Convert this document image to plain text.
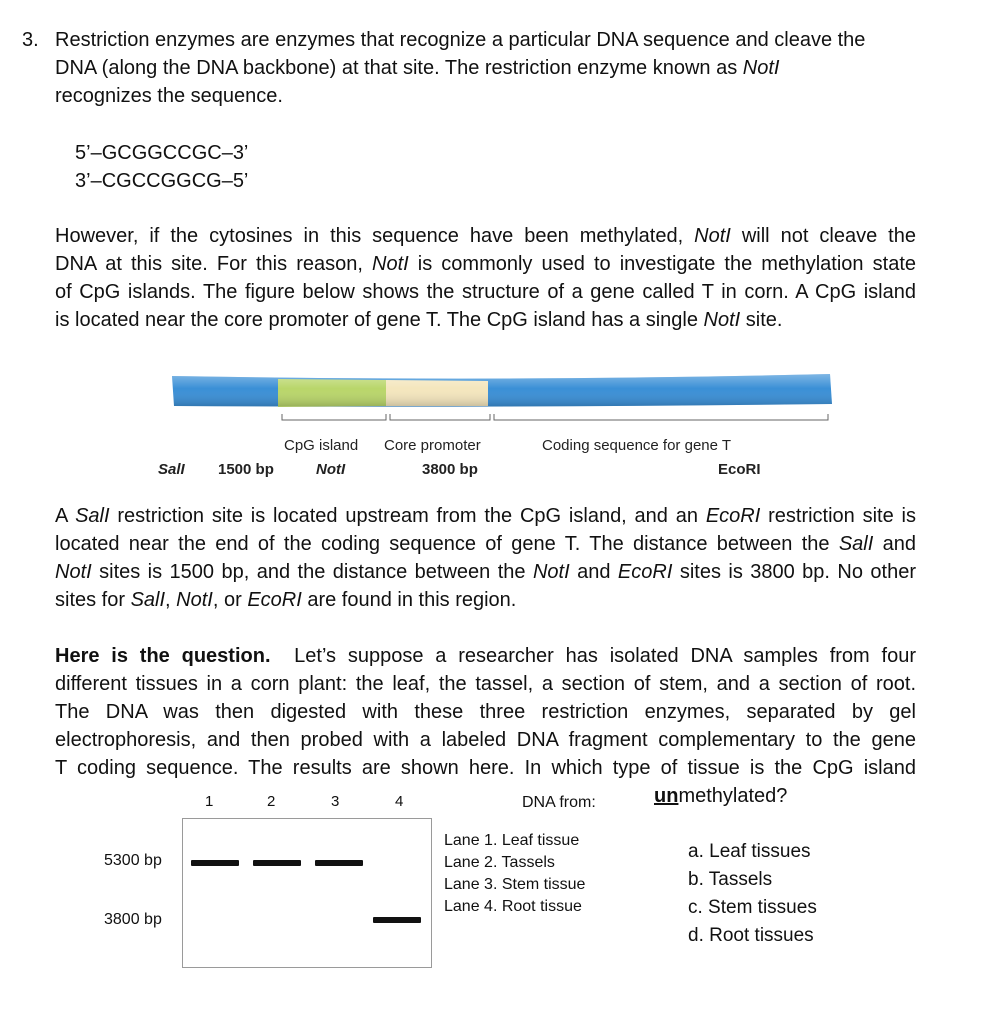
3. Restriction enzymes are enzymes that recognize a particular DNA sequence and cleave the
DNA (along the DNA backbone) at that site. The restriction enzyme known as NotI
recognizes the sequence.
5’–GCGGCCGC–3’
3’–CGCCGGCG–5’
However, if the cytosines in this sequence have been methylated, NotI will not cleave the
DNA at this site. For this reason, NotI is commonly used to investigate the methylation state
of CpG islands. The figure below shows the structure of a gene called T in corn. A CpG island
is located near the core promoter of gene T. The CpG island has a single NotI site.
CpG island Core promoter	Coding sequence for gene T
SalI 1500 bp	NotI	3800 bp	EcoRI
A SalI restriction site is located upstream from the CpG island, and an EcoRI restriction site is
located near the end of the coding sequence of gene T. The distance between the SalI and
NotI sites is 1500 bp, and the distance between the NotI and EcoRI sites is 3800 bp. No other
sites for SalI, NotI, or EcoRI are found in this region.
Here is the question. Let’s suppose a researcher has isolated DNA samples from four
different tissues in a corn plant: the leaf, the tassel, a section of stem, and a section of root.
The DNA was then digested with these three restriction enzymes, separated by gel
electrophoresis, and then probed with a labeled DNA fragment complementary to the gene
T coding sequence. The results are shown here. In which type of tissue is the CpG island
unmethylated?
1	2	3	4	DNA from:
5300 bp
3800 bp
Lane 1. Leaf tissue
Lane 2. Tassels
Lane 3. Stem tissue
Lane 4. Root tissue
a. Leaf tissues
b. Tassels
c. Stem tissues
d. Root tissues
